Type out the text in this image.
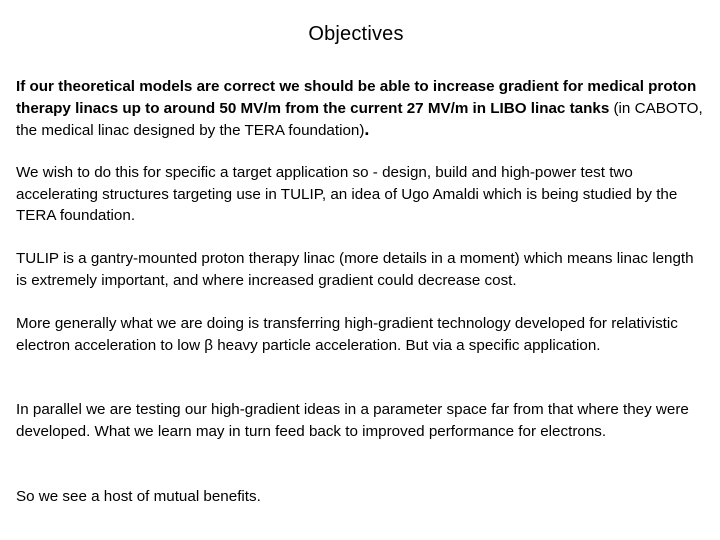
Objectives

If our theoretical models are correct we should be able to increase gradient for medical proton therapy linacs up to around 50 MV/m from the current 27 MV/m in LIBO linac tanks (in CABOTO, the medical linac designed by the TERA foundation).

We wish to do this for specific a target application so - design, build and high-power test two accelerating structures targeting use in TULIP, an idea of Ugo Amaldi which is being studied by the TERA foundation.

TULIP is a gantry-mounted proton therapy linac (more details in a moment) which means linac length is extremely important, and where increased gradient could decrease cost.

More generally what we are doing is transferring high-gradient technology developed for relativistic electron acceleration to low β heavy particle acceleration. But via a specific application.

In parallel we are testing our high-gradient ideas in a parameter space far from that where they were developed. What we learn may in turn feed back to improved performance for electrons.

So we see a host of mutual benefits.
